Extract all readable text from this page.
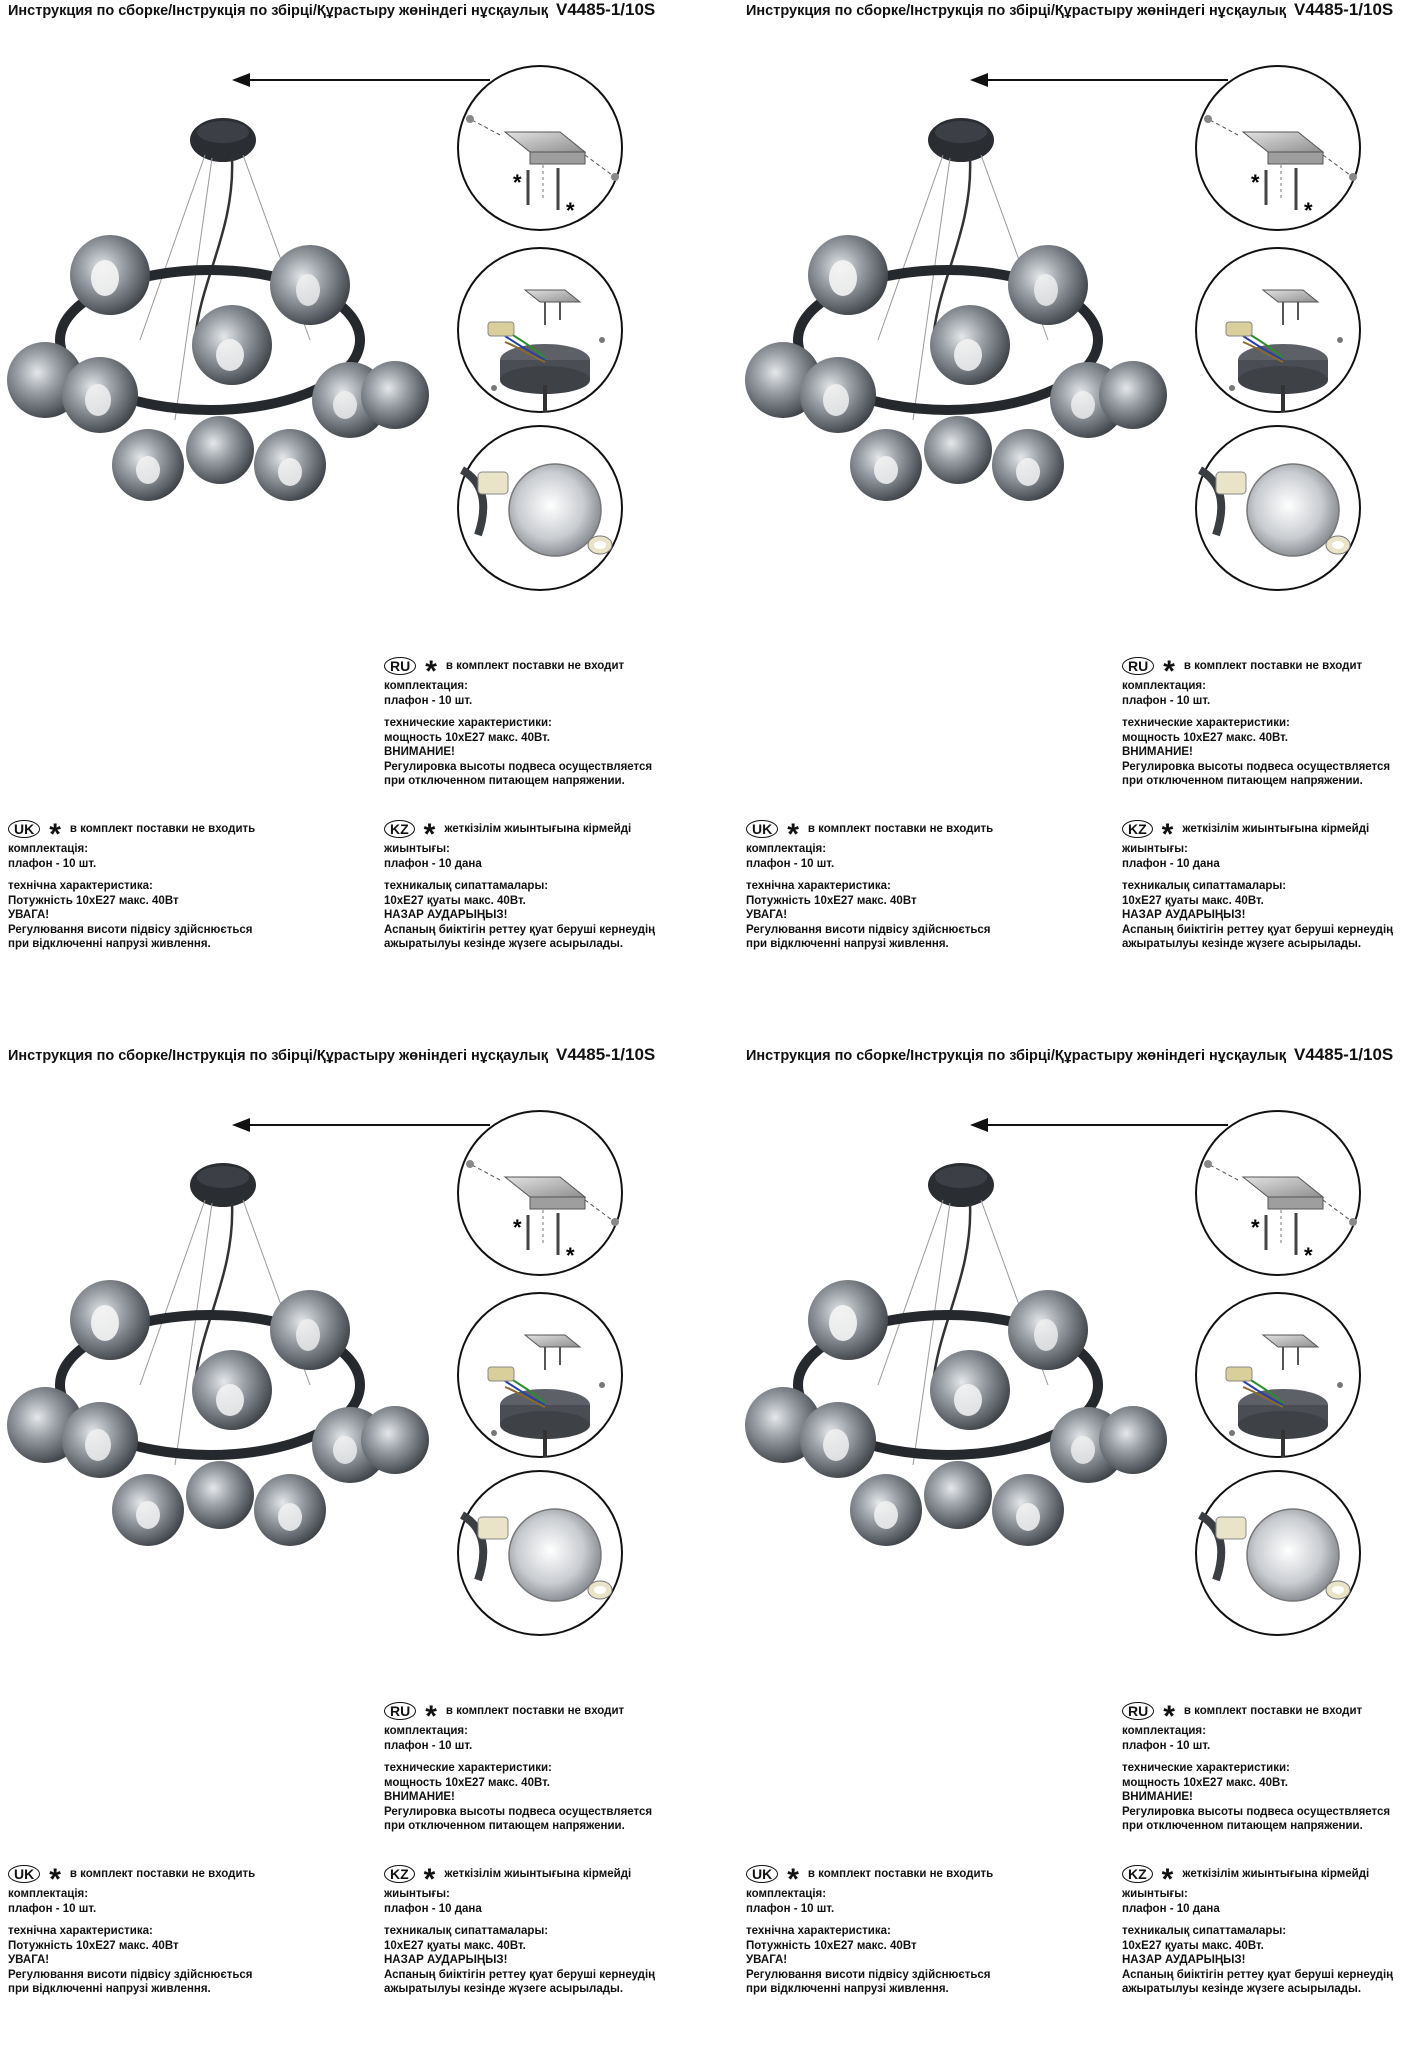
Инструкция по сборке/Інструкція по збірці/Құрастыру жөніндегі нұсқаулық V4485-1/10S
*
*
RU * в комплект поставки не входит
комплектация:
плафон - 10 шт.
технические характеристики:
мощность 10хЕ27 макс. 40Вт.
ВНИМАНИЕ!
Регулировка высоты подвеса осуществляется
при отключенном питающем напряжении.
UK * в комплект поставки не входить
комплектація:
плафон - 10 шт.
технічна характеристика:
Потужність 10хЕ27 макс. 40Вт
УВАГА!
Регулювання висоти підвісу здійснюється
при відключенні напрузі живлення.
KZ * жеткізілім жиынтығына кірмейді
жиынтығы:
плафон - 10 дана
техникалық сипаттамалары:
10хЕ27 қуаты макс. 40Вт.
НАЗАР АУДАРЫҢЫЗ!
Аспаның биіктігін реттеу қуат беруші кернеудің
ажыратылуы кезінде жүзеге асырылады.
Инструкция по сборке/Інструкція по збірці/Құрастыру жөніндегі нұсқаулық V4485-1/10S
*
*
RU * в комплект поставки не входит
комплектация:
плафон - 10 шт.
технические характеристики:
мощность 10хЕ27 макс. 40Вт.
ВНИМАНИЕ!
Регулировка высоты подвеса осуществляется
при отключенном питающем напряжении.
UK * в комплект поставки не входить
комплектація:
плафон - 10 шт.
технічна характеристика:
Потужність 10хЕ27 макс. 40Вт
УВАГА!
Регулювання висоти підвісу здійснюється
при відключенні напрузі живлення.
KZ * жеткізілім жиынтығына кірмейді
жиынтығы:
плафон - 10 дана
техникалық сипаттамалары:
10хЕ27 қуаты макс. 40Вт.
НАЗАР АУДАРЫҢЫЗ!
Аспаның биіктігін реттеу қуат беруші кернеудің
ажыратылуы кезінде жүзеге асырылады.
Инструкция по сборке/Інструкція по збірці/Құрастыру жөніндегі нұсқаулық V4485-1/10S
*
*
RU * в комплект поставки не входит
комплектация:
плафон - 10 шт.
технические характеристики:
мощность 10хЕ27 макс. 40Вт.
ВНИМАНИЕ!
Регулировка высоты подвеса осуществляется
при отключенном питающем напряжении.
UK * в комплект поставки не входить
комплектація:
плафон - 10 шт.
технічна характеристика:
Потужність 10хЕ27 макс. 40Вт
УВАГА!
Регулювання висоти підвісу здійснюється
при відключенні напрузі живлення.
KZ * жеткізілім жиынтығына кірмейді
жиынтығы:
плафон - 10 дана
техникалық сипаттамалары:
10хЕ27 қуаты макс. 40Вт.
НАЗАР АУДАРЫҢЫЗ!
Аспаның биіктігін реттеу қуат беруші кернеудің
ажыратылуы кезінде жүзеге асырылады.
Инструкция по сборке/Інструкція по збірці/Құрастыру жөніндегі нұсқаулық V4485-1/10S
*
*
RU * в комплект поставки не входит
комплектация:
плафон - 10 шт.
технические характеристики:
мощность 10хЕ27 макс. 40Вт.
ВНИМАНИЕ!
Регулировка высоты подвеса осуществляется
при отключенном питающем напряжении.
UK * в комплект поставки не входить
комплектація:
плафон - 10 шт.
технічна характеристика:
Потужність 10хЕ27 макс. 40Вт
УВАГА!
Регулювання висоти підвісу здійснюється
при відключенні напрузі живлення.
KZ * жеткізілім жиынтығына кірмейді
жиынтығы:
плафон - 10 дана
техникалық сипаттамалары:
10хЕ27 қуаты макс. 40Вт.
НАЗАР АУДАРЫҢЫЗ!
Аспаның биіктігін реттеу қуат беруші кернеудің
ажыратылуы кезінде жүзеге асырылады.
